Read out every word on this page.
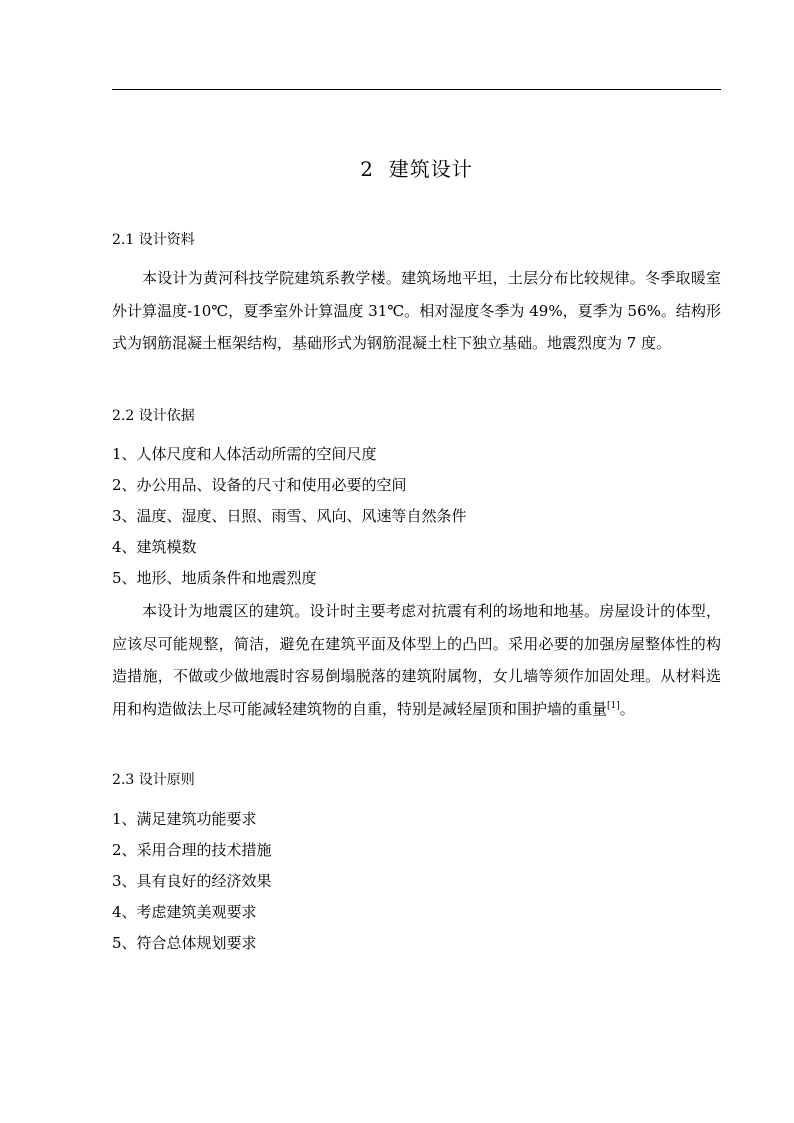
2  建筑设计
2.1 设计资料

本设计为黄河科技学院建筑系教学楼。建筑场地平坦，土层分布比较规律。冬季取暖室外计算温度-10℃，夏季室外计算温度 31℃。相对湿度冬季为 49%，夏季为 56%。结构形式为钢筋混凝土框架结构，基础形式为钢筋混凝土柱下独立基础。地震烈度为 7 度。

2.2 设计依据
1、人体尺度和人体活动所需的空间尺度
2、办公用品、设备的尺寸和使用必要的空间
3、温度、湿度、日照、雨雪、风向、风速等自然条件
4、建筑模数
5、地形、地质条件和地震烈度

本设计为地震区的建筑。设计时主要考虑对抗震有利的场地和地基。房屋设计的体型，应该尽可能规整，简洁，避免在建筑平面及体型上的凸凹。采用必要的加强房屋整体性的构造措施，不做或少做地震时容易倒塌脱落的建筑附属物，女儿墙等须作加固处理。从材料选用和构造做法上尽可能减轻建筑物的自重，特别是减轻屋顶和围护墙的重量[1]。

2.3 设计原则
1、满足建筑功能要求
2、采用合理的技术措施
3、具有良好的经济效果
4、考虑建筑美观要求
5、符合总体规划要求
